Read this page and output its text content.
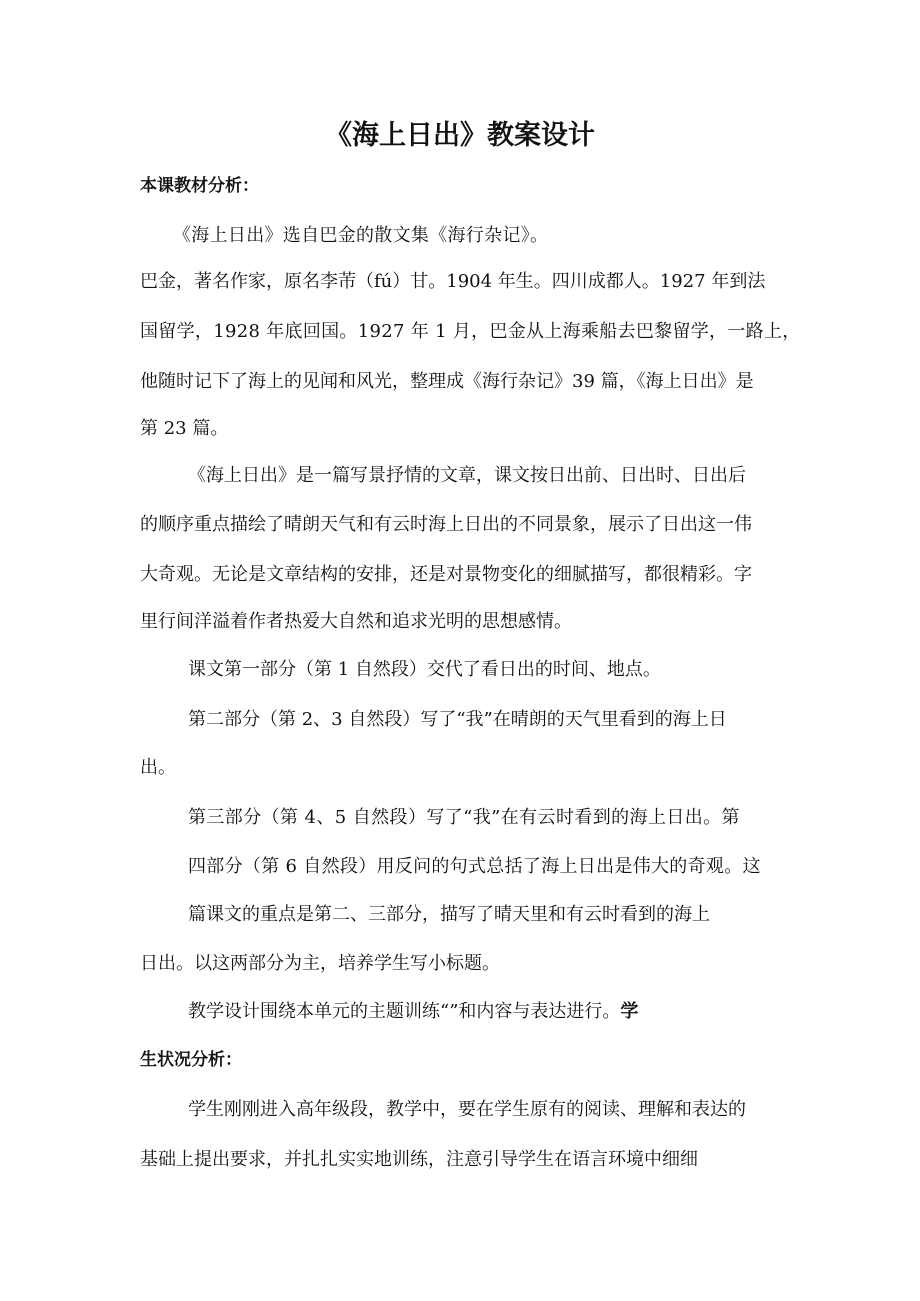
《海上日出》教案设计
本课教材分析：
《海上日出》选自巴金的散文集《海行杂记》。
巴金，著名作家，原名李芾（fú）甘。1904 年生。四川成都人。1927 年到法
国留学，1928 年底回国。1927 年 1 月，巴金从上海乘船去巴黎留学，一路上，
他随时记下了海上的见闻和风光，整理成《海行杂记》39 篇，《海上日出》是
第 23 篇。
《海上日出》是一篇写景抒情的文章，课文按日出前、日出时、日出后
的顺序重点描绘了晴朗天气和有云时海上日出的不同景象，展示了日出这一伟
大奇观。无论是文章结构的安排，还是对景物变化的细腻描写，都很精彩。字
里行间洋溢着作者热爱大自然和追求光明的思想感情。
课文第一部分（第 1 自然段）交代了看日出的时间、地点。
第二部分（第 2、3 自然段）写了“我”在晴朗的天气里看到的海上日
出。
第三部分（第 4、5 自然段）写了“我”在有云时看到的海上日出。第
四部分（第 6 自然段）用反问的句式总括了海上日出是伟大的奇观。这
篇课文的重点是第二、三部分，描写了晴天里和有云时看到的海上
日出。以这两部分为主，培养学生写小标题。
教学设计围绕本单元的主题训练“”和内容与表达进行。学
生状况分析：
学生刚刚进入高年级段，教学中，要在学生原有的阅读、理解和表达的
基础上提出要求，并扎扎实实地训练，注意引导学生在语言环境中细细
